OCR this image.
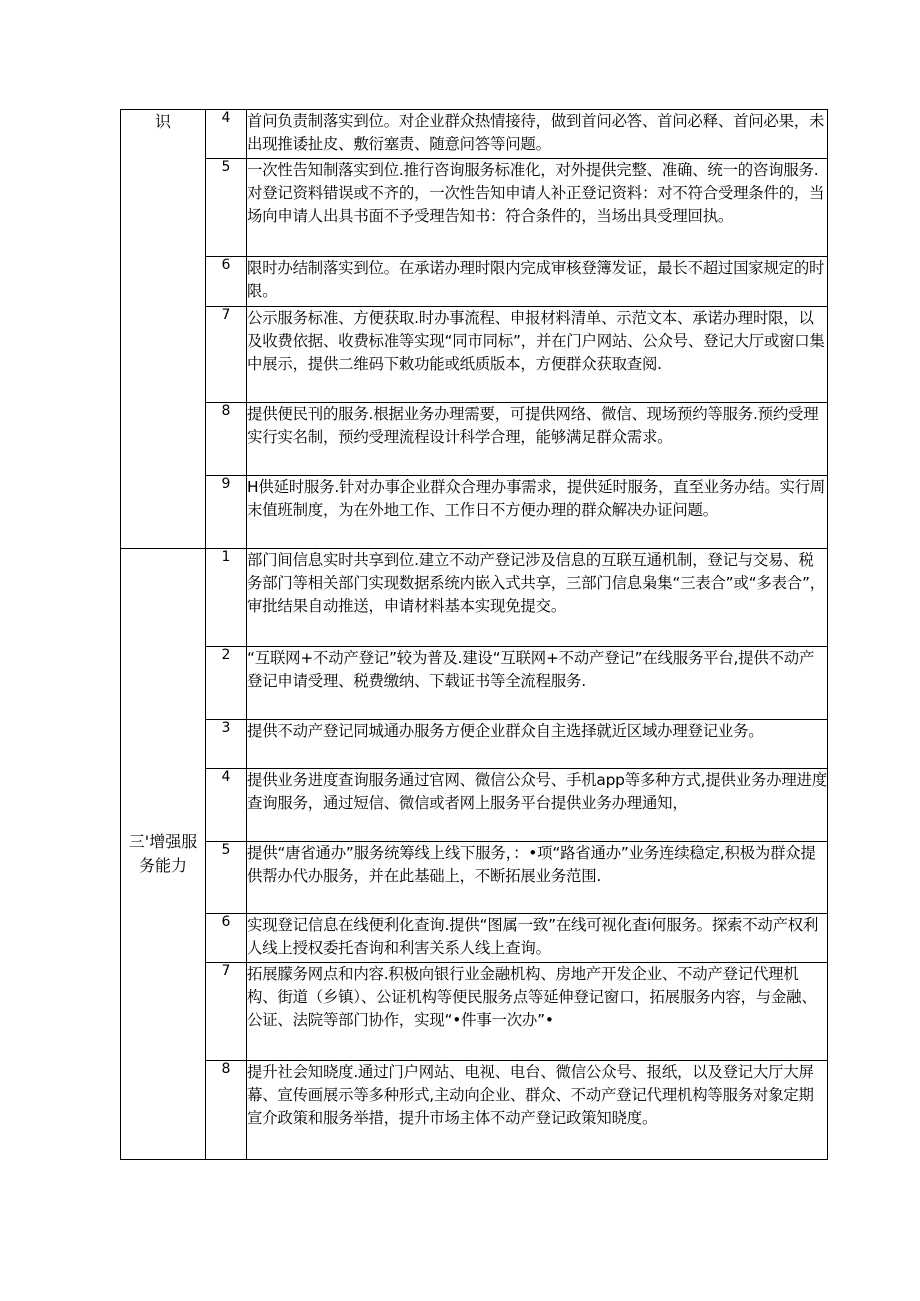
识	4	首问负责制落实到位。对企业群众热情接待，做到首问必答、首问必释、首问必果，未出现推诿扯皮、敷衍塞责、随意问答等问题。
	5	一次性告知制落实到位.推行咨询服务标准化，对外提供完整、准确、统一的咨询服务.对登记资料错误或不齐的，一次性告知申请人补正登记资料：对不符合受理条件的，当场向申请人出具书面不予受理告知书：符合条件的，当场出具受理回执。
	6	限时办结制落实到位。在承诺办理时限内完成审核登簿发证，最长不超过国家规定的时限。
	7	公示服务标准、方便获取.时办事流程、申报材料清单、示范文本、承诺办理时限，以及收费依据、收费标准等实现“同市同标”，并在门户网站、公众号、登记大厅或窗口集中展示，提供二维码下敕功能或纸质版本，方便群众获取查阅.
	8	提供便民刊的服务.根据业务办理需要，可提供网络、微信、现场预约等服务.预约受理实行实名制，预约受理流程设计科学合理，能够满足群众需求。
	9	H供延时服务.针对办事企业群众合理办事需求，提供延时服务，直至业务办结。实行周末值班制度，为在外地工作、工作日不方便办理的群众解决办证问题。
三'增强服务能力	1	部门间信息实时共享到位.建立不动产登记涉及信息的互联互通机制，登记与交易、税务部门等相关部门实现数据系统内嵌入式共享，三部门信息枭集“三表合”或“多表合”，审批结果自动推送，申请材料基本实现免提交。
	2	“互联网+不动产登记”较为普及.建设“互联网+不动产登记”在线服务平台,提供不动产登记申请受理、税费缴纳、下载证书等全流程服务.
	3	提供不动产登记同城通办服务方便企业群众自主选择就近区域办理登记业务。
	4	提供业务进度查询服务通过官网、微信公众号、手机app等多种方式,提供业务办理进度查询服务，通过短信、微信或者网上服务平台提供业务办理通知，
	5	提供“唐省通办”服务统筹线上线下服务，：•项“路省通办”业务连续稳定,积极为群众提供帮办代办服务，并在此基础上，不断拓展业务范围.
	6	实现登记信息在线便利化查询.提供“图属一致”在线可视化査i何服务。探索不动产权利人线上授权委托杳询和利害关系人线上查询。
	7	拓展朦务网点和内容.积极向银行业金融机构、房地产开发企业、不动产登记代理机构、街道（乡镇）、公证机构等便民服务点等延伸登记窗口，拓展服务内容，与金融、公证、法院等部门协作，实现“•件事一次办”•
	8	提升社会知晓度.通过门户网站、电视、电台、微信公众号、报纸，以及登记大厅大屏幕、宣传画展示等多种形式,主动向企业、群众、不动产登记代理机构等服务对象定期宣介政策和服务举措，提升市场主体不动产登记政策知晓度。
